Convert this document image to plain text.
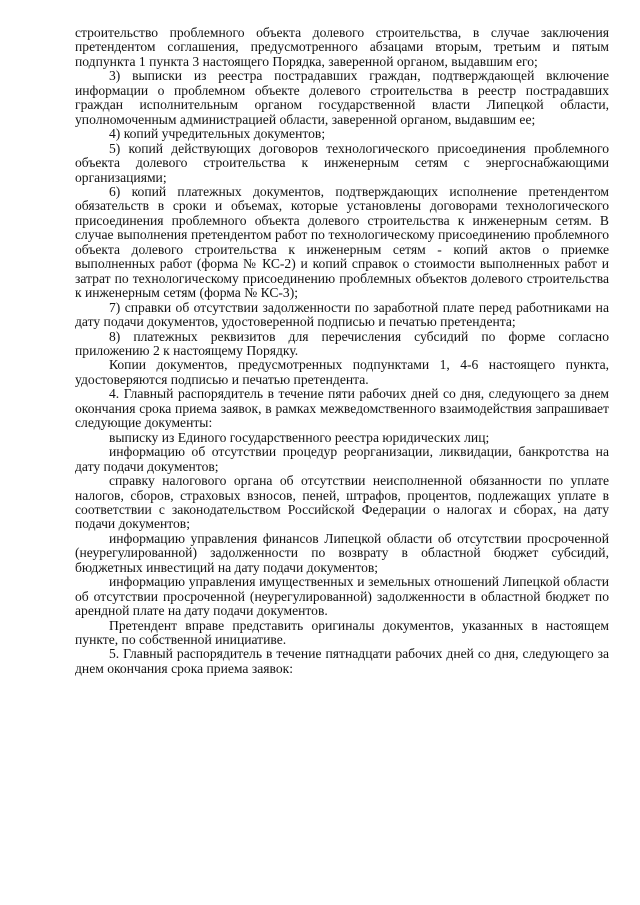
строительство проблемного объекта долевого строительства, в случае заключения претендентом соглашения, предусмотренного абзацами вторым, третьим и пятым подпункта 1 пункта 3 настоящего Порядка, заверенной органом, выдавшим его;

3) выписки из реестра пострадавших граждан, подтверждающей включение информации о проблемном объекте долевого строительства в реестр пострадавших граждан исполнительным органом государственной власти Липецкой области, уполномоченным администрацией области, заверенной органом, выдавшим ее;

4) копий учредительных документов;

5) копий действующих договоров технологического присоединения проблемного объекта долевого строительства к инженерным сетям с энергоснабжающими организациями;

6) копий платежных документов, подтверждающих исполнение претендентом обязательств в сроки и объемах, которые установлены договорами технологического присоединения проблемного объекта долевого строительства к инженерным сетям. В случае выполнения претендентом работ по технологическому присоединению проблемного объекта долевого строительства к инженерным сетям - копий актов о приемке выполненных работ (форма № КС-2) и копий справок о стоимости выполненных работ и затрат по технологическому присоединению проблемных объектов долевого строительства к инженерным сетям (форма № КС-3);

7) справки об отсутствии задолженности по заработной плате перед работниками на дату подачи документов, удостоверенной подписью и печатью претендента;

8) платежных реквизитов для перечисления субсидий по форме согласно приложению 2 к настоящему Порядку.

Копии документов, предусмотренных подпунктами 1, 4-6 настоящего пункта, удостоверяются подписью и печатью претендента.

4. Главный распорядитель в течение пяти рабочих дней со дня, следующего за днем окончания срока приема заявок, в рамках межведомственного взаимодействия запрашивает следующие документы:

выписку из Единого государственного реестра юридических лиц;

информацию об отсутствии процедур реорганизации, ликвидации, банкротства на дату подачи документов;

справку налогового органа об отсутствии неисполненной обязанности по уплате налогов, сборов, страховых взносов, пеней, штрафов, процентов, подлежащих уплате в соответствии с законодательством Российской Федерации о налогах и сборах, на дату подачи документов;

информацию управления финансов Липецкой области об отсутствии просроченной (неурегулированной) задолженности по возврату в областной бюджет субсидий, бюджетных инвестиций на дату подачи документов;

информацию управления имущественных и земельных отношений Липецкой области об отсутствии просроченной (неурегулированной) задолженности в областной бюджет по арендной плате на дату подачи документов.

Претендент вправе представить оригиналы документов, указанных в настоящем пункте, по собственной инициативе.

5. Главный распорядитель в течение пятнадцати рабочих дней со дня, следующего за днем окончания срока приема заявок:
